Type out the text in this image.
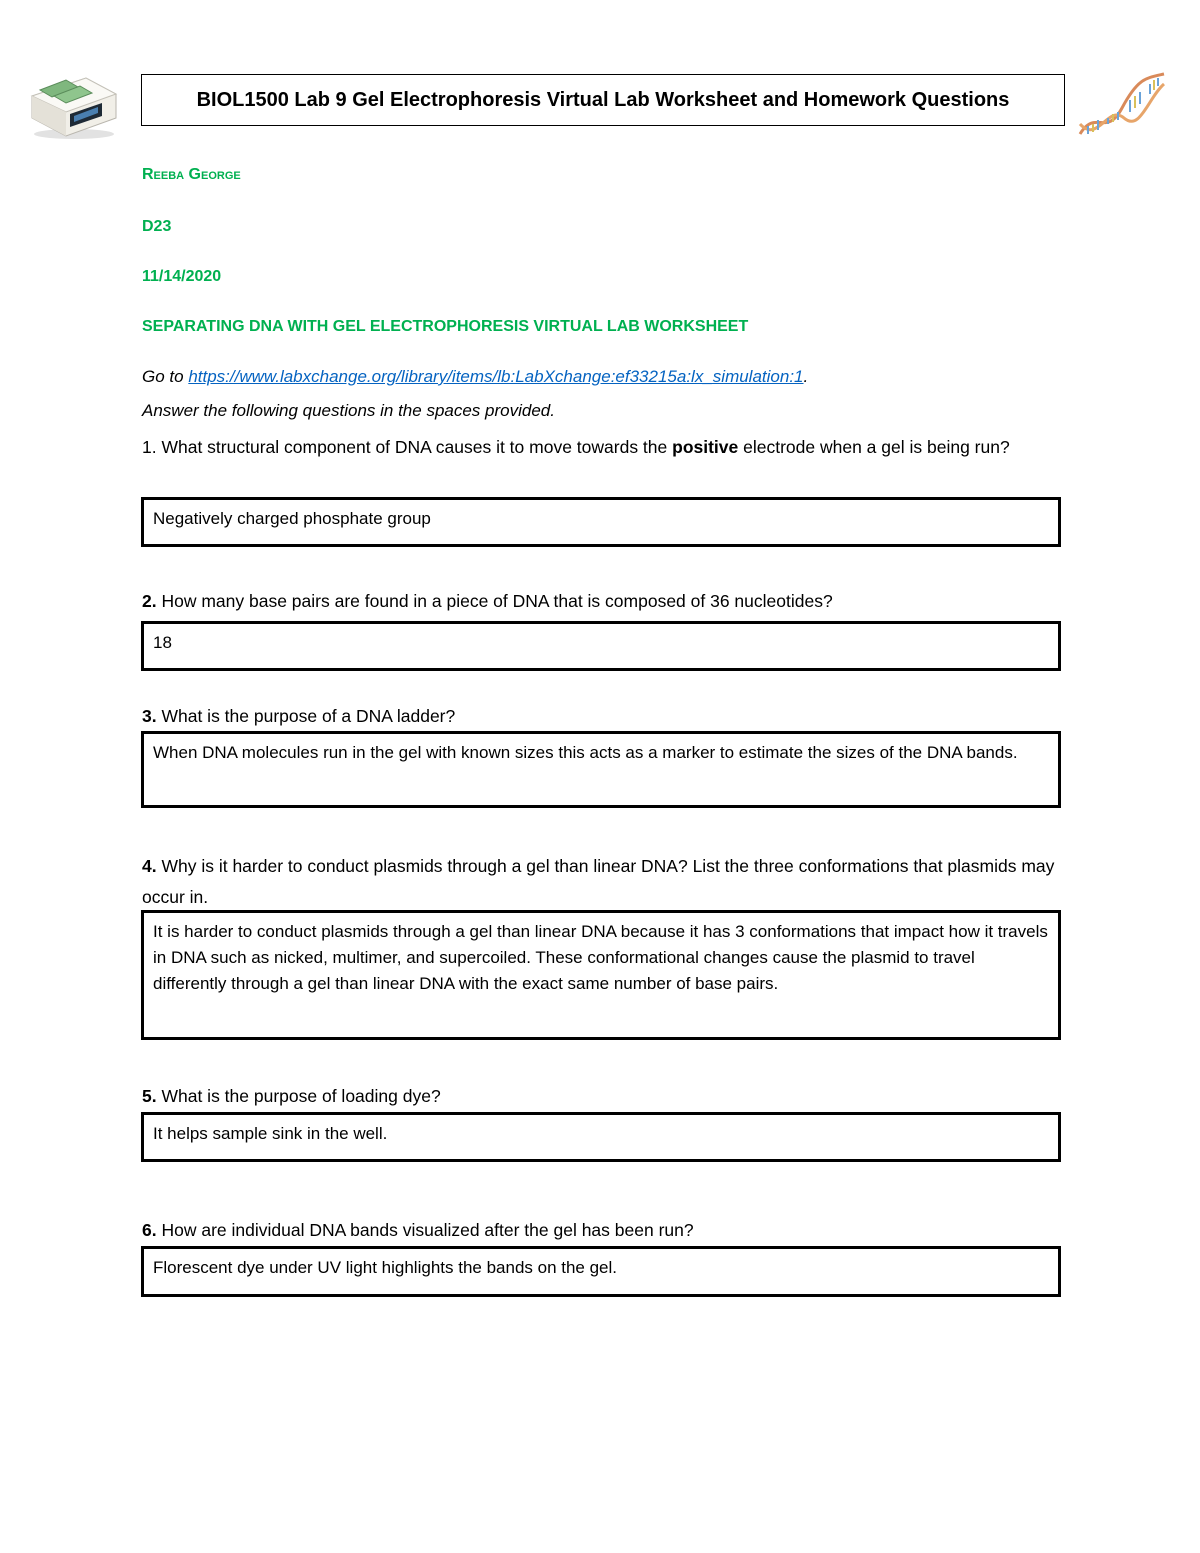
BIOL1500 Lab 9 Gel Electrophoresis Virtual Lab Worksheet and Homework Questions
Reeba George
D23
11/14/2020
SEPARATING DNA WITH GEL ELECTROPHORESIS VIRTUAL LAB WORKSHEET
Go to https://www.labxchange.org/library/items/lb:LabXchange:ef33215a:lx_simulation:1.
Answer the following questions in the spaces provided.
1. What structural component of DNA causes it to move towards the positive electrode when a gel is being run?
Negatively charged phosphate group
2. How many base pairs are found in a piece of DNA that is composed of 36 nucleotides?
18
3. What is the purpose of a DNA ladder?
When DNA molecules run in the gel with known sizes this acts as a marker to estimate the sizes of the DNA bands.
4. Why is it harder to conduct plasmids through a gel than linear DNA? List the three conformations that plasmids may occur in.
It is harder to conduct plasmids through a gel than linear DNA because it has 3 conformations that impact how it travels in DNA such as nicked, multimer, and supercoiled. These conformational changes cause the plasmid to travel differently through a gel than linear DNA with the exact same number of base pairs.
5. What is the purpose of loading dye?
It helps sample sink in the well.
6. How are individual DNA bands visualized after the gel has been run?
Florescent dye under UV light highlights the bands on the gel.
